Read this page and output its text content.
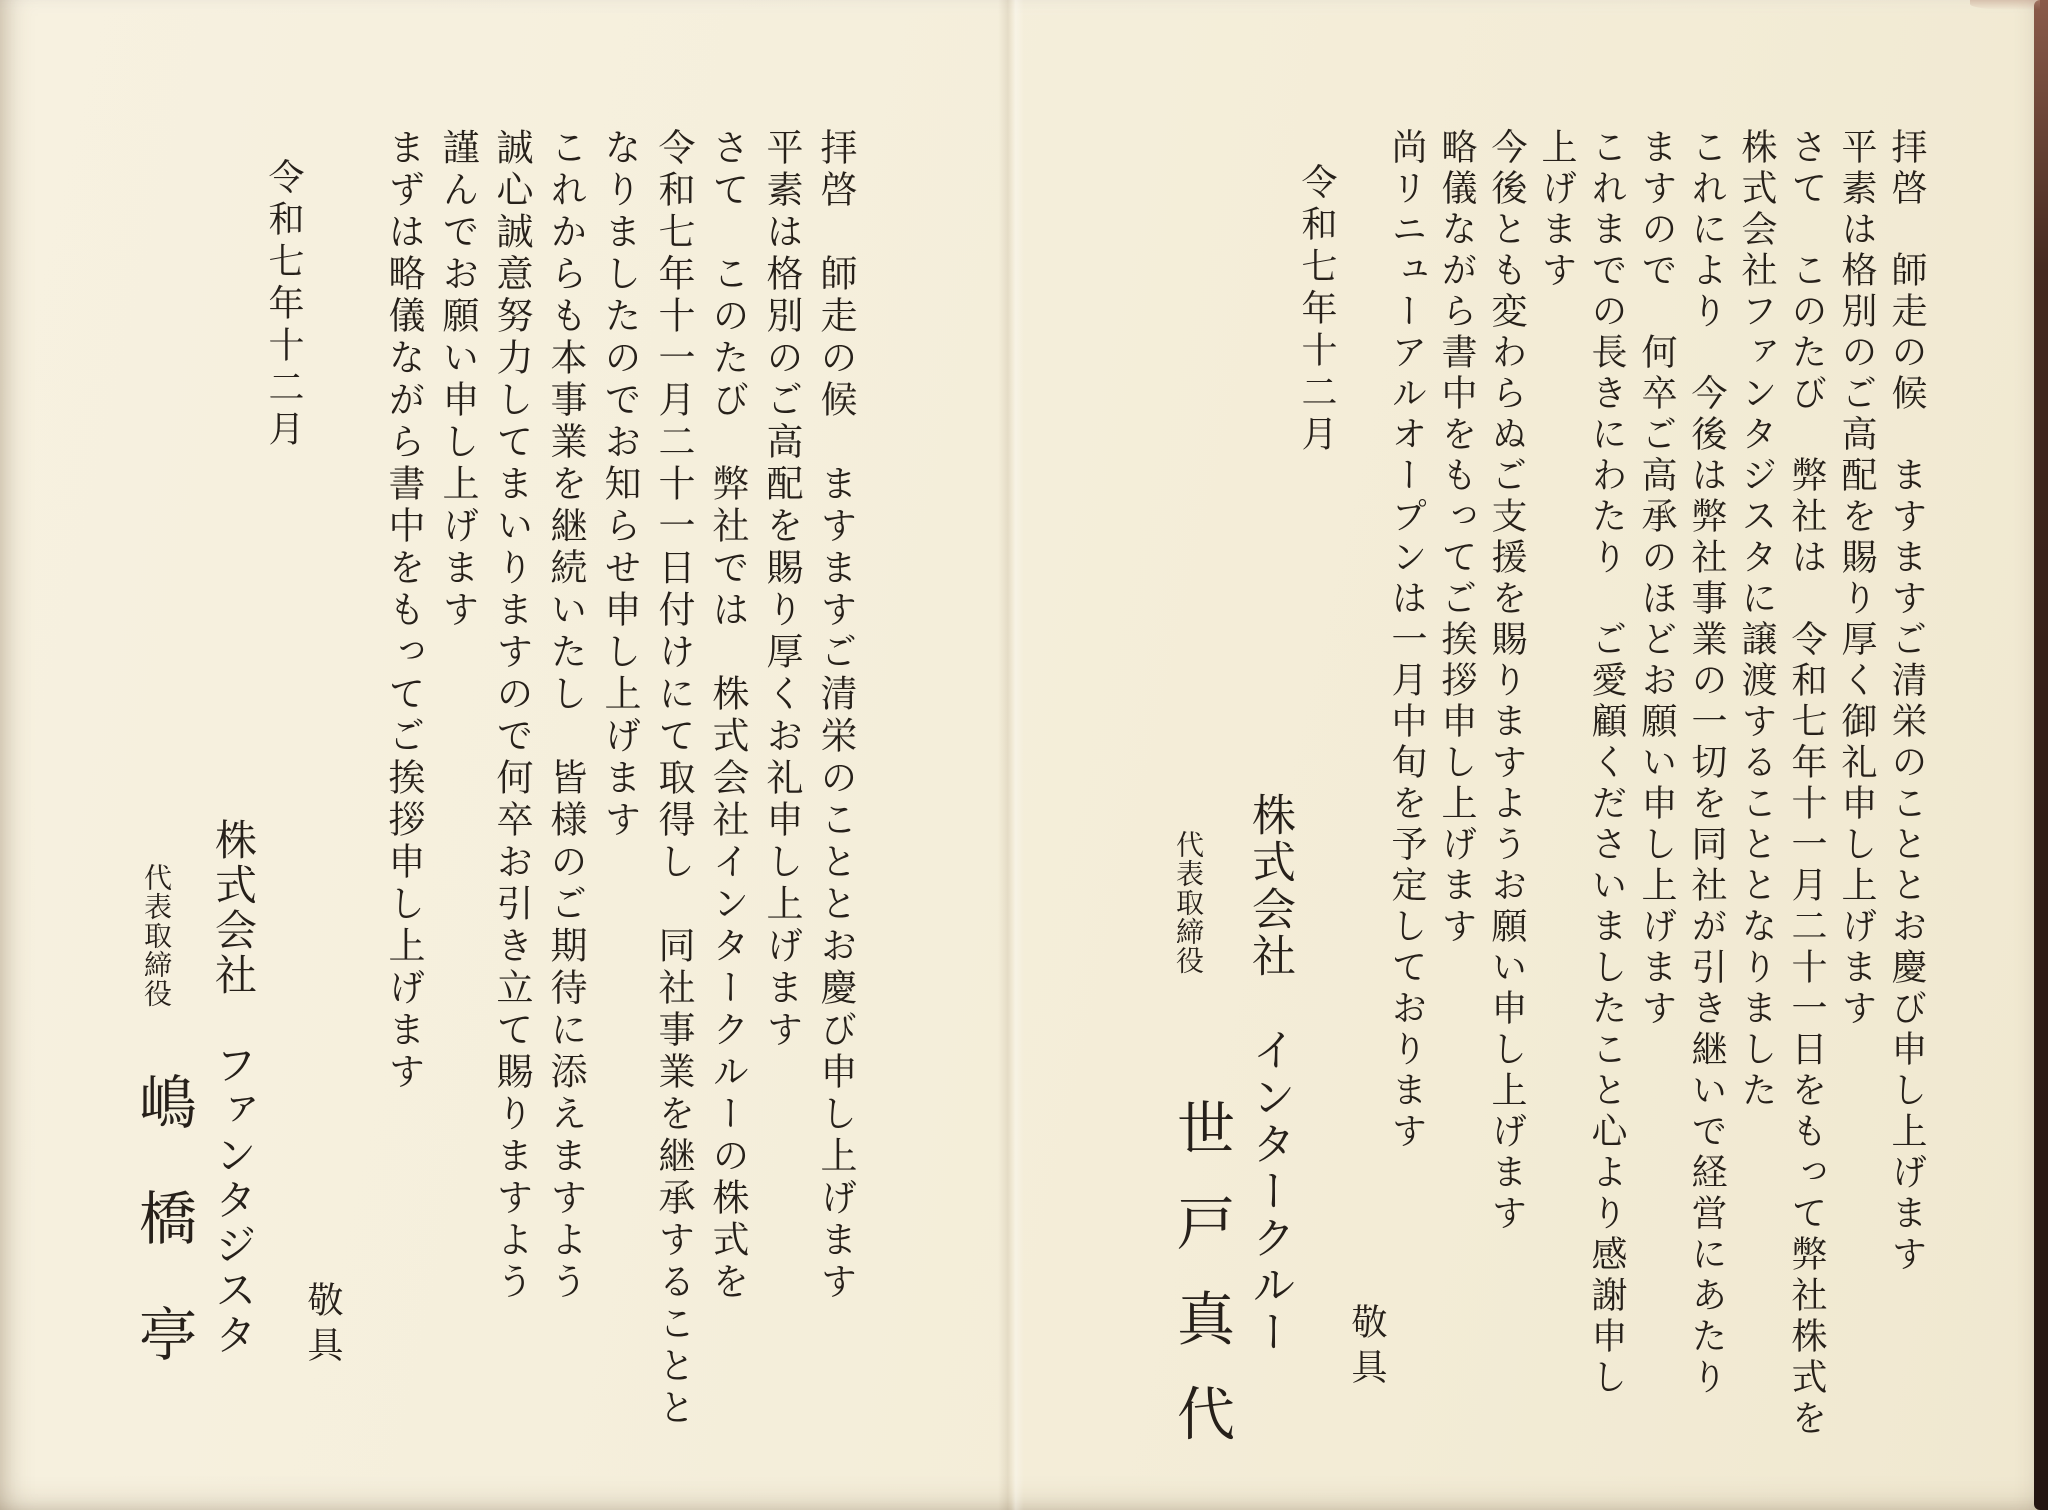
拝啓　師走の候　ますますご清栄のこととお慶び申し上げます
平素は格別のご高配を賜り厚く御礼申し上げます
さて　このたび　弊社は　令和七年十一月二十一日をもって弊社株式を
株式会社ファンタジスタに譲渡することとなりました
これにより　今後は弊社事業の一切を同社が引き継いで経営にあたり
ますので　何卒ご高承のほどお願い申し上げます
これまでの長きにわたり　ご愛顧くださいましたこと心より感謝申し
上げます
今後とも変わらぬご支援を賜りますようお願い申し上げます
略儀ながら書中をもってご挨拶申し上げます
尚リニューアルオープンは一月中旬を予定しております
敬具
令和七年十二月
株式会社　インタークルー
代表取締役
世戸真代
拝啓　師走の候　ますますご清栄のこととお慶び申し上げます
平素は格別のご高配を賜り厚くお礼申し上げます
さて　このたび　弊社では　株式会社インタークルーの株式を
令和七年十一月二十一日付けにて取得し　同社事業を継承することと
なりましたのでお知らせ申し上げます
これからも本事業を継続いたし　皆様のご期待に添えますよう
誠心誠意努力してまいりますので何卒お引き立て賜りますよう
謹んでお願い申し上げます
まずは略儀ながら書中をもってご挨拶申し上げます
敬具
令和七年十二月
株式会社　ファンタジスタ
代表取締役
嶋　橋　亭
